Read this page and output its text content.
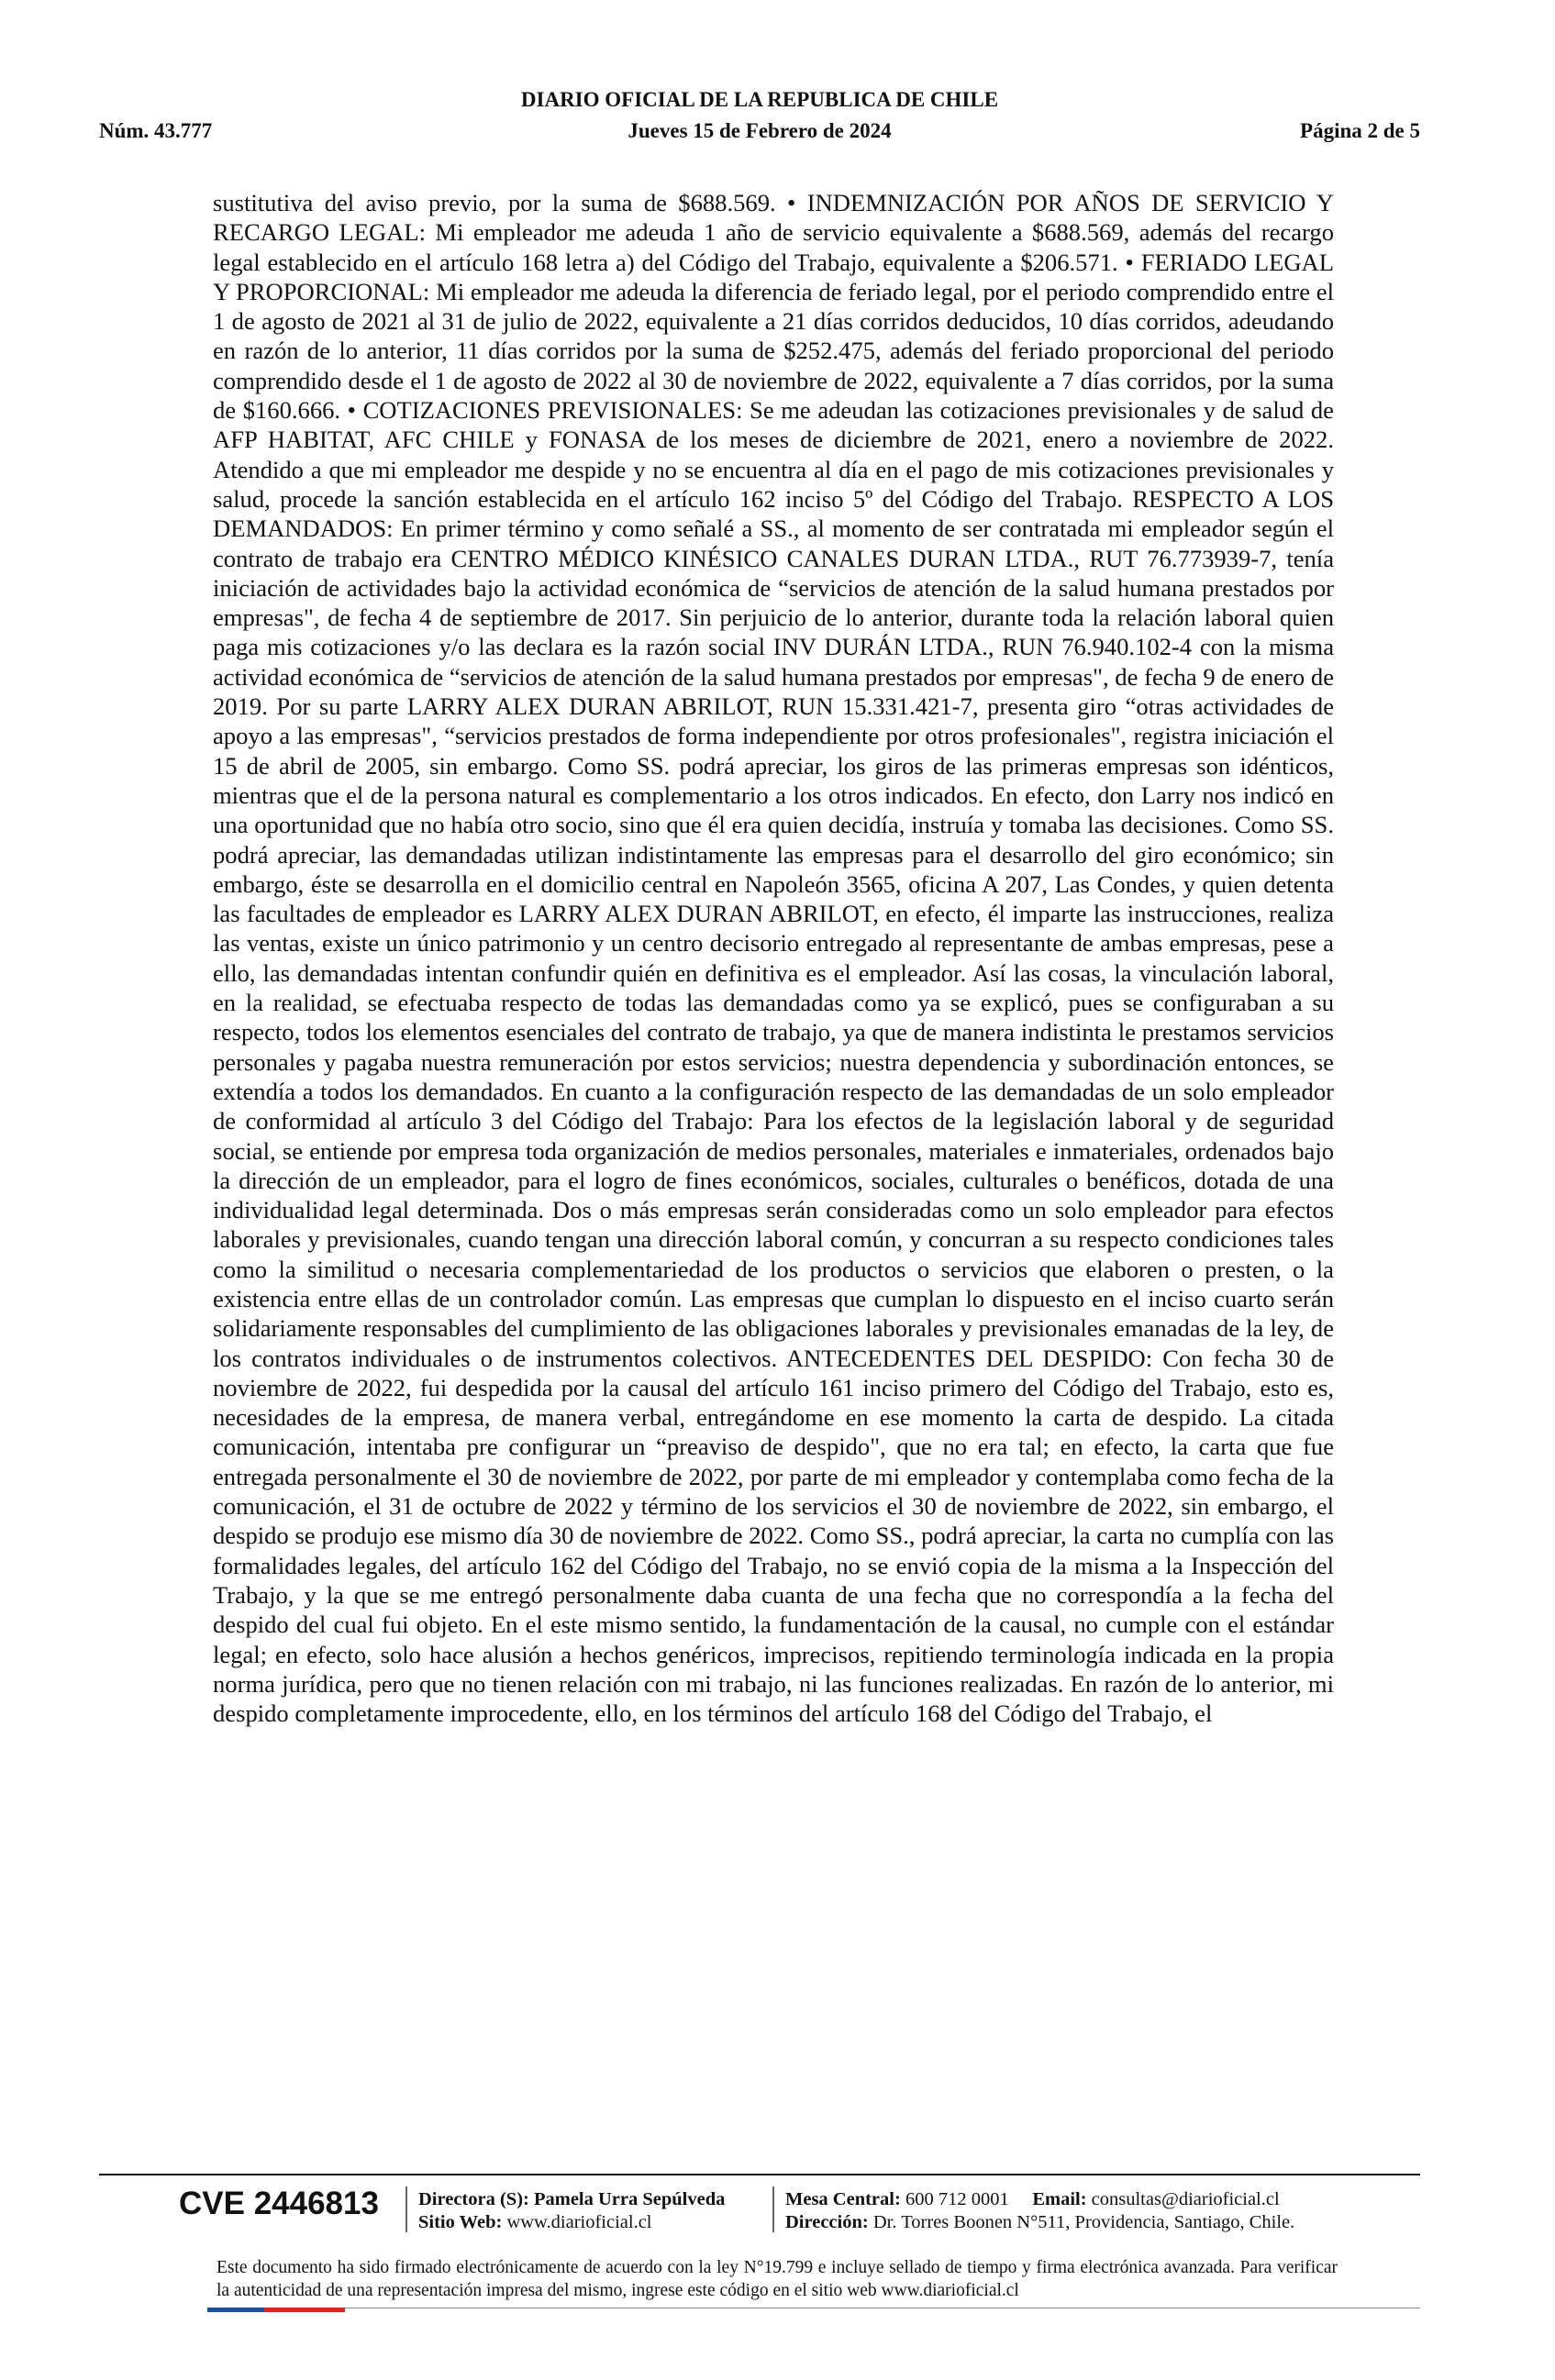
DIARIO OFICIAL DE LA REPUBLICA DE CHILE
Núm. 43.777	Jueves 15 de Febrero de 2024	Página 2 de 5
sustitutiva del aviso previo, por la suma de $688.569. • INDEMNIZACIÓN POR AÑOS DE SERVICIO Y RECARGO LEGAL: Mi empleador me adeuda 1 año de servicio equivalente a $688.569, además del recargo legal establecido en el artículo 168 letra a) del Código del Trabajo, equivalente a $206.571. • FERIADO LEGAL Y PROPORCIONAL: Mi empleador me adeuda la diferencia de feriado legal, por el periodo comprendido entre el 1 de agosto de 2021 al 31 de julio de 2022, equivalente a 21 días corridos deducidos, 10 días corridos, adeudando en razón de lo anterior, 11 días corridos por la suma de $252.475, además del feriado proporcional del periodo comprendido desde el 1 de agosto de 2022 al 30 de noviembre de 2022, equivalente a 7 días corridos, por la suma de $160.666. • COTIZACIONES PREVISIONALES: Se me adeudan las cotizaciones previsionales y de salud de AFP HABITAT, AFC CHILE y FONASA de los meses de diciembre de 2021, enero a noviembre de 2022. Atendido a que mi empleador me despide y no se encuentra al día en el pago de mis cotizaciones previsionales y salud, procede la sanción establecida en el artículo 162 inciso 5º del Código del Trabajo. RESPECTO A LOS DEMANDADOS: En primer término y como señalé a SS., al momento de ser contratada mi empleador según el contrato de trabajo era CENTRO MÉDICO KINÉSICO CANALES DURAN LTDA., RUT 76.773939-7, tenía iniciación de actividades bajo la actividad económica de “servicios de atención de la salud humana prestados por empresas", de fecha 4 de septiembre de 2017. Sin perjuicio de lo anterior, durante toda la relación laboral quien paga mis cotizaciones y/o las declara es la razón social INV DURÁN LTDA., RUN 76.940.102-4 con la misma actividad económica de “servicios de atención de la salud humana prestados por empresas", de fecha 9 de enero de 2019. Por su parte LARRY ALEX DURAN ABRILOT, RUN 15.331.421-7, presenta giro “otras actividades de apoyo a las empresas", “servicios prestados de forma independiente por otros profesionales", registra iniciación el 15 de abril de 2005, sin embargo. Como SS. podrá apreciar, los giros de las primeras empresas son idénticos, mientras que el de la persona natural es complementario a los otros indicados. En efecto, don Larry nos indicó en una oportunidad que no había otro socio, sino que él era quien decidía, instruía y tomaba las decisiones. Como SS. podrá apreciar, las demandadas utilizan indistintamente las empresas para el desarrollo del giro económico; sin embargo, éste se desarrolla en el domicilio central en Napoleón 3565, oficina A 207, Las Condes, y quien detenta las facultades de empleador es LARRY ALEX DURAN ABRILOT, en efecto, él imparte las instrucciones, realiza las ventas, existe un único patrimonio y un centro decisorio entregado al representante de ambas empresas, pese a ello, las demandadas intentan confundir quién en definitiva es el empleador. Así las cosas, la vinculación laboral, en la realidad, se efectuaba respecto de todas las demandadas como ya se explicó, pues se configuraban a su respecto, todos los elementos esenciales del contrato de trabajo, ya que de manera indistinta le prestamos servicios personales y pagaba nuestra remuneración por estos servicios; nuestra dependencia y subordinación entonces, se extendía a todos los demandados. En cuanto a la configuración respecto de las demandadas de un solo empleador de conformidad al artículo 3 del Código del Trabajo: Para los efectos de la legislación laboral y de seguridad social, se entiende por empresa toda organización de medios personales, materiales e inmateriales, ordenados bajo la dirección de un empleador, para el logro de fines económicos, sociales, culturales o benéficos, dotada de una individualidad legal determinada. Dos o más empresas serán consideradas como un solo empleador para efectos laborales y previsionales, cuando tengan una dirección laboral común, y concurran a su respecto condiciones tales como la similitud o necesaria complementariedad de los productos o servicios que elaboren o presten, o la existencia entre ellas de un controlador común. Las empresas que cumplan lo dispuesto en el inciso cuarto serán solidariamente responsables del cumplimiento de las obligaciones laborales y previsionales emanadas de la ley, de los contratos individuales o de instrumentos colectivos. ANTECEDENTES DEL DESPIDO: Con fecha 30 de noviembre de 2022, fui despedida por la causal del artículo 161 inciso primero del Código del Trabajo, esto es, necesidades de la empresa, de manera verbal, entregándome en ese momento la carta de despido. La citada comunicación, intentaba pre configurar un “preaviso de despido", que no era tal; en efecto, la carta que fue entregada personalmente el 30 de noviembre de 2022, por parte de mi empleador y contemplaba como fecha de la comunicación, el 31 de octubre de 2022 y término de los servicios el 30 de noviembre de 2022, sin embargo, el despido se produjo ese mismo día 30 de noviembre de 2022. Como SS., podrá apreciar, la carta no cumplía con las formalidades legales, del artículo 162 del Código del Trabajo, no se envió copia de la misma a la Inspección del Trabajo, y la que se me entregó personalmente daba cuanta de una fecha que no correspondía a la fecha del despido del cual fui objeto. En el este mismo sentido, la fundamentación de la causal, no cumple con el estándar legal; en efecto, solo hace alusión a hechos genéricos, imprecisos, repitiendo terminología indicada en la propia norma jurídica, pero que no tienen relación con mi trabajo, ni las funciones realizadas. En razón de lo anterior, mi despido completamente improcedente, ello, en los términos del artículo 168 del Código del Trabajo, el
CVE 2446813 Directora (S): Pamela Urra Sepúlveda
Sitio Web: www.diarioficial.cl
Mesa Central: 600 712 0001 Email: consultas@diarioficial.cl
Dirección: Dr. Torres Boonen N°511, Providencia, Santiago, Chile.
Este documento ha sido firmado electrónicamente de acuerdo con la ley N°19.799 e incluye sellado de tiempo y firma electrónica avanzada. Para verificar la autenticidad de una representación impresa del mismo, ingrese este código en el sitio web www.diarioficial.cl
